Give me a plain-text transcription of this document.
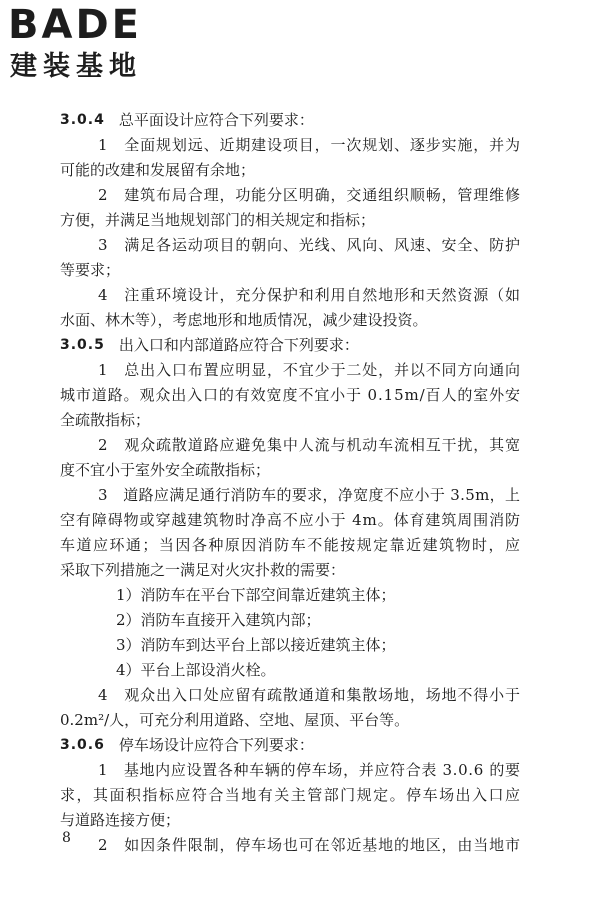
BADE
建装基地
3.0.4 总平面设计应符合下列要求：
1　全面规划远、近期建设项目，一次规划、逐步实施，并为
可能的改建和发展留有余地；
2　建筑布局合理，功能分区明确，交通组织顺畅，管理维修
方便，并满足当地规划部门的相关规定和指标；
3　满足各运动项目的朝向、光线、风向、风速、安全、防护
等要求；
4　注重环境设计，充分保护和利用自然地形和天然资源（如
水面、林木等），考虑地形和地质情况，减少建设投资。
3.0.5 出入口和内部道路应符合下列要求：
1　总出入口布置应明显，不宜少于二处，并以不同方向通向
城市道路。观众出入口的有效宽度不宜小于 0.15m/百人的室外安
全疏散指标；
2　观众疏散道路应避免集中人流与机动车流相互干扰，其宽
度不宜小于室外安全疏散指标；
3　道路应满足通行消防车的要求，净宽度不应小于 3.5m，上
空有障碍物或穿越建筑物时净高不应小于 4m。体育建筑周围消防
车道应环通；当因各种原因消防车不能按规定靠近建筑物时，应
采取下列措施之一满足对火灾扑救的需要：
1）消防车在平台下部空间靠近建筑主体；
2）消防车直接开入建筑内部；
3）消防车到达平台上部以接近建筑主体；
4）平台上部设消火栓。
4　观众出入口处应留有疏散通道和集散场地，场地不得小于
0.2m²/人，可充分利用道路、空地、屋顶、平台等。
3.0.6 停车场设计应符合下列要求：
1　基地内应设置各种车辆的停车场，并应符合表 3.0.6 的要
求，其面积指标应符合当地有关主管部门规定。停车场出入口应
与道路连接方便；
2　如因条件限制，停车场也可在邻近基地的地区，由当地市
8
